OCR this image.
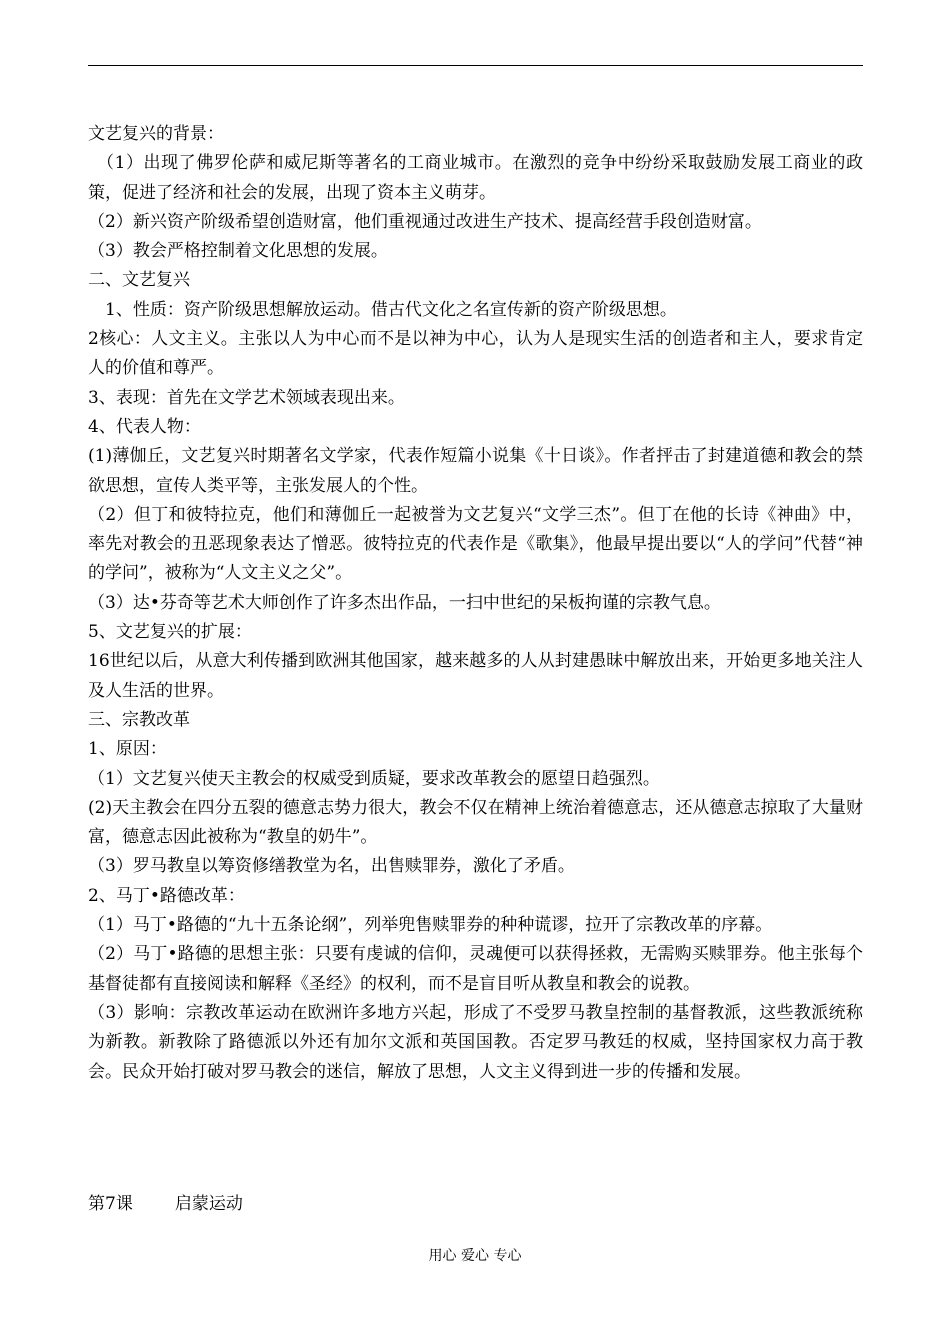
文艺复兴的背景：

　（1）出现了佛罗伦萨和威尼斯等著名的工商业城市。在激烈的竞争中纷纷采取鼓励发展工商业的政策，促进了经济和社会的发展，出现了资本主义萌芽。

（2）新兴资产阶级希望创造财富，他们重视通过改进生产技术、提高经营手段创造财富。

（3）教会严格控制着文化思想的发展。

二、文艺复兴

　1、性质：资产阶级思想解放运动。借古代文化之名宣传新的资产阶级思想。

2核心：人文主义。主张以人为中心而不是以神为中心，认为人是现实生活的创造者和主人，要求肯定人的价值和尊严。

3、表现：首先在文学艺术领域表现出来。

4、代表人物：

(1)薄伽丘，文艺复兴时期著名文学家，代表作短篇小说集《十日谈》。作者抨击了封建道德和教会的禁欲思想，宣传人类平等，主张发展人的个性。

（2）但丁和彼特拉克，他们和薄伽丘一起被誉为文艺复兴“文学三杰”。但丁在他的长诗《神曲》中，率先对教会的丑恶现象表达了憎恶。彼特拉克的代表作是《歌集》，他最早提出要以“人的学问”代替“神的学问”，被称为“人文主义之父”。

（3）达•芬奇等艺术大师创作了许多杰出作品，一扫中世纪的呆板拘谨的宗教气息。

5、文艺复兴的扩展：

16世纪以后，从意大利传播到欧洲其他国家，越来越多的人从封建愚昧中解放出来，开始更多地关注人及人生活的世界。

三、宗教改革

1、原因：

（1）文艺复兴使天主教会的权威受到质疑，要求改革教会的愿望日趋强烈。

(2)天主教会在四分五裂的德意志势力很大，教会不仅在精神上统治着德意志，还从德意志掠取了大量财富，德意志因此被称为“教皇的奶牛”。

（3）罗马教皇以筹资修缮教堂为名，出售赎罪券，激化了矛盾。

2、马丁•路德改革：

（1）马丁•路德的“九十五条论纲”，列举兜售赎罪券的种种谎谬，拉开了宗教改革的序幕。

（2）马丁•路德的思想主张：只要有虔诚的信仰，灵魂便可以获得拯救，无需购买赎罪券。他主张每个基督徒都有直接阅读和解释《圣经》的权利，而不是盲目听从教皇和教会的说教。

（3）影响：宗教改革运动在欧洲许多地方兴起，形成了不受罗马教皇控制的基督教派，这些教派统称为新教。新教除了路德派以外还有加尔文派和英国国教。否定罗马教廷的权威，坚持国家权力高于教会。民众开始打破对罗马教会的迷信，解放了思想，人文主义得到进一步的传播和发展。

第7课 启蒙运动
用心 爱心 专心
